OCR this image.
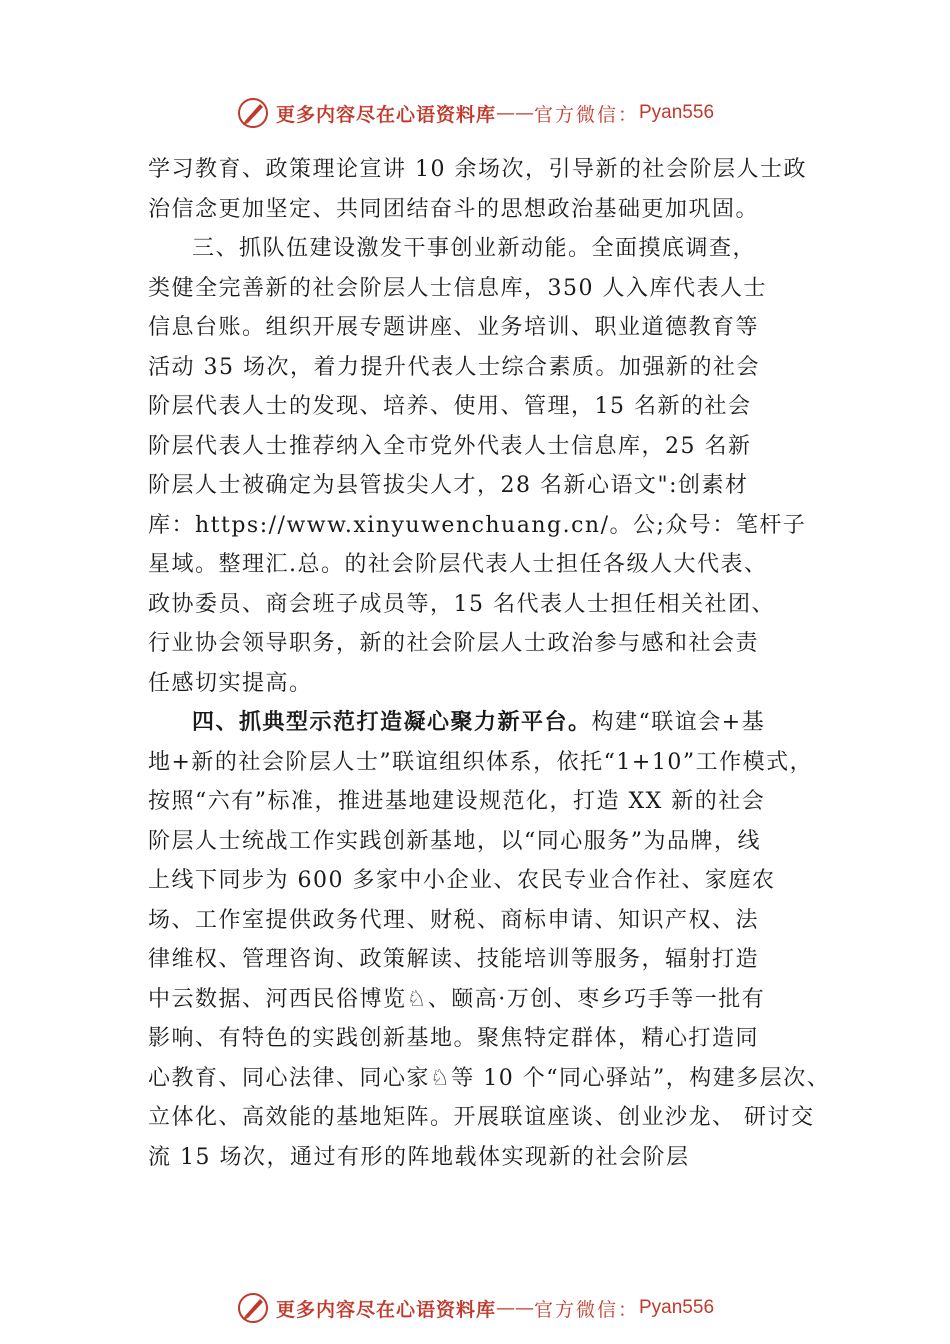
更多内容尽在心语资料库 —— 官方微信： Pyan556
学习教育、政策理论宣讲 10 余场次，引导新的社会阶层人士政
治信念更加坚定、共同团结奋斗的思想政治基础更加巩固。
三、抓队伍建设激发干事创业新动能。全面摸底调查，
类健全完善新的社会阶层人士信息库，350 人入库代表人士
信息台账。组织开展专题讲座、业务培训、职业道德教育等
活动 35 场次，着力提升代表人士综合素质。加强新的社会
阶层代表人士的发现、培养、使用、管理，15 名新的社会
阶层代表人士推荐纳入全市党外代表人士信息库，25 名新
阶层人士被确定为县管拔尖人才，28 名新心语文":创素材
库：https://www.xinyuwenchuang.cn/。公;众号：笔杆子
星域。整理汇.总。的社会阶层代表人士担任各级人大代表、
政协委员、商会班子成员等，15 名代表人士担任相关社团、
行业协会领导职务，新的社会阶层人士政治参与感和社会责
任感切实提高。
四、抓典型示范打造凝心聚力新平台。构建“联谊会+基
地+新的社会阶层人士”联谊组织体系，依托“1+10”工作模式，
按照“六有”标准，推进基地建设规范化，打造 XX 新的社会
阶层人士统战工作实践创新基地，以“同心服务”为品牌，线
上线下同步为 600 多家中小企业、农民专业合作社、家庭农
场、工作室提供政务代理、财税、商标申请、知识产权、法
律维权、管理咨询、政策解读、技能培训等服务，辐射打造
中云数据、河西民俗博览♘、颐高·万创、枣乡巧手等一批有
影响、有特色的实践创新基地。聚焦特定群体，精心打造同
心教育、同心法律、同心家♘等 10 个“同心驿站”，构建多层次、
立体化、高效能的基地矩阵。开展联谊座谈、创业沙龙、 研讨交
流 15 场次，通过有形的阵地载体实现新的社会阶层
更多内容尽在心语资料库 —— 官方微信： Pyan556
